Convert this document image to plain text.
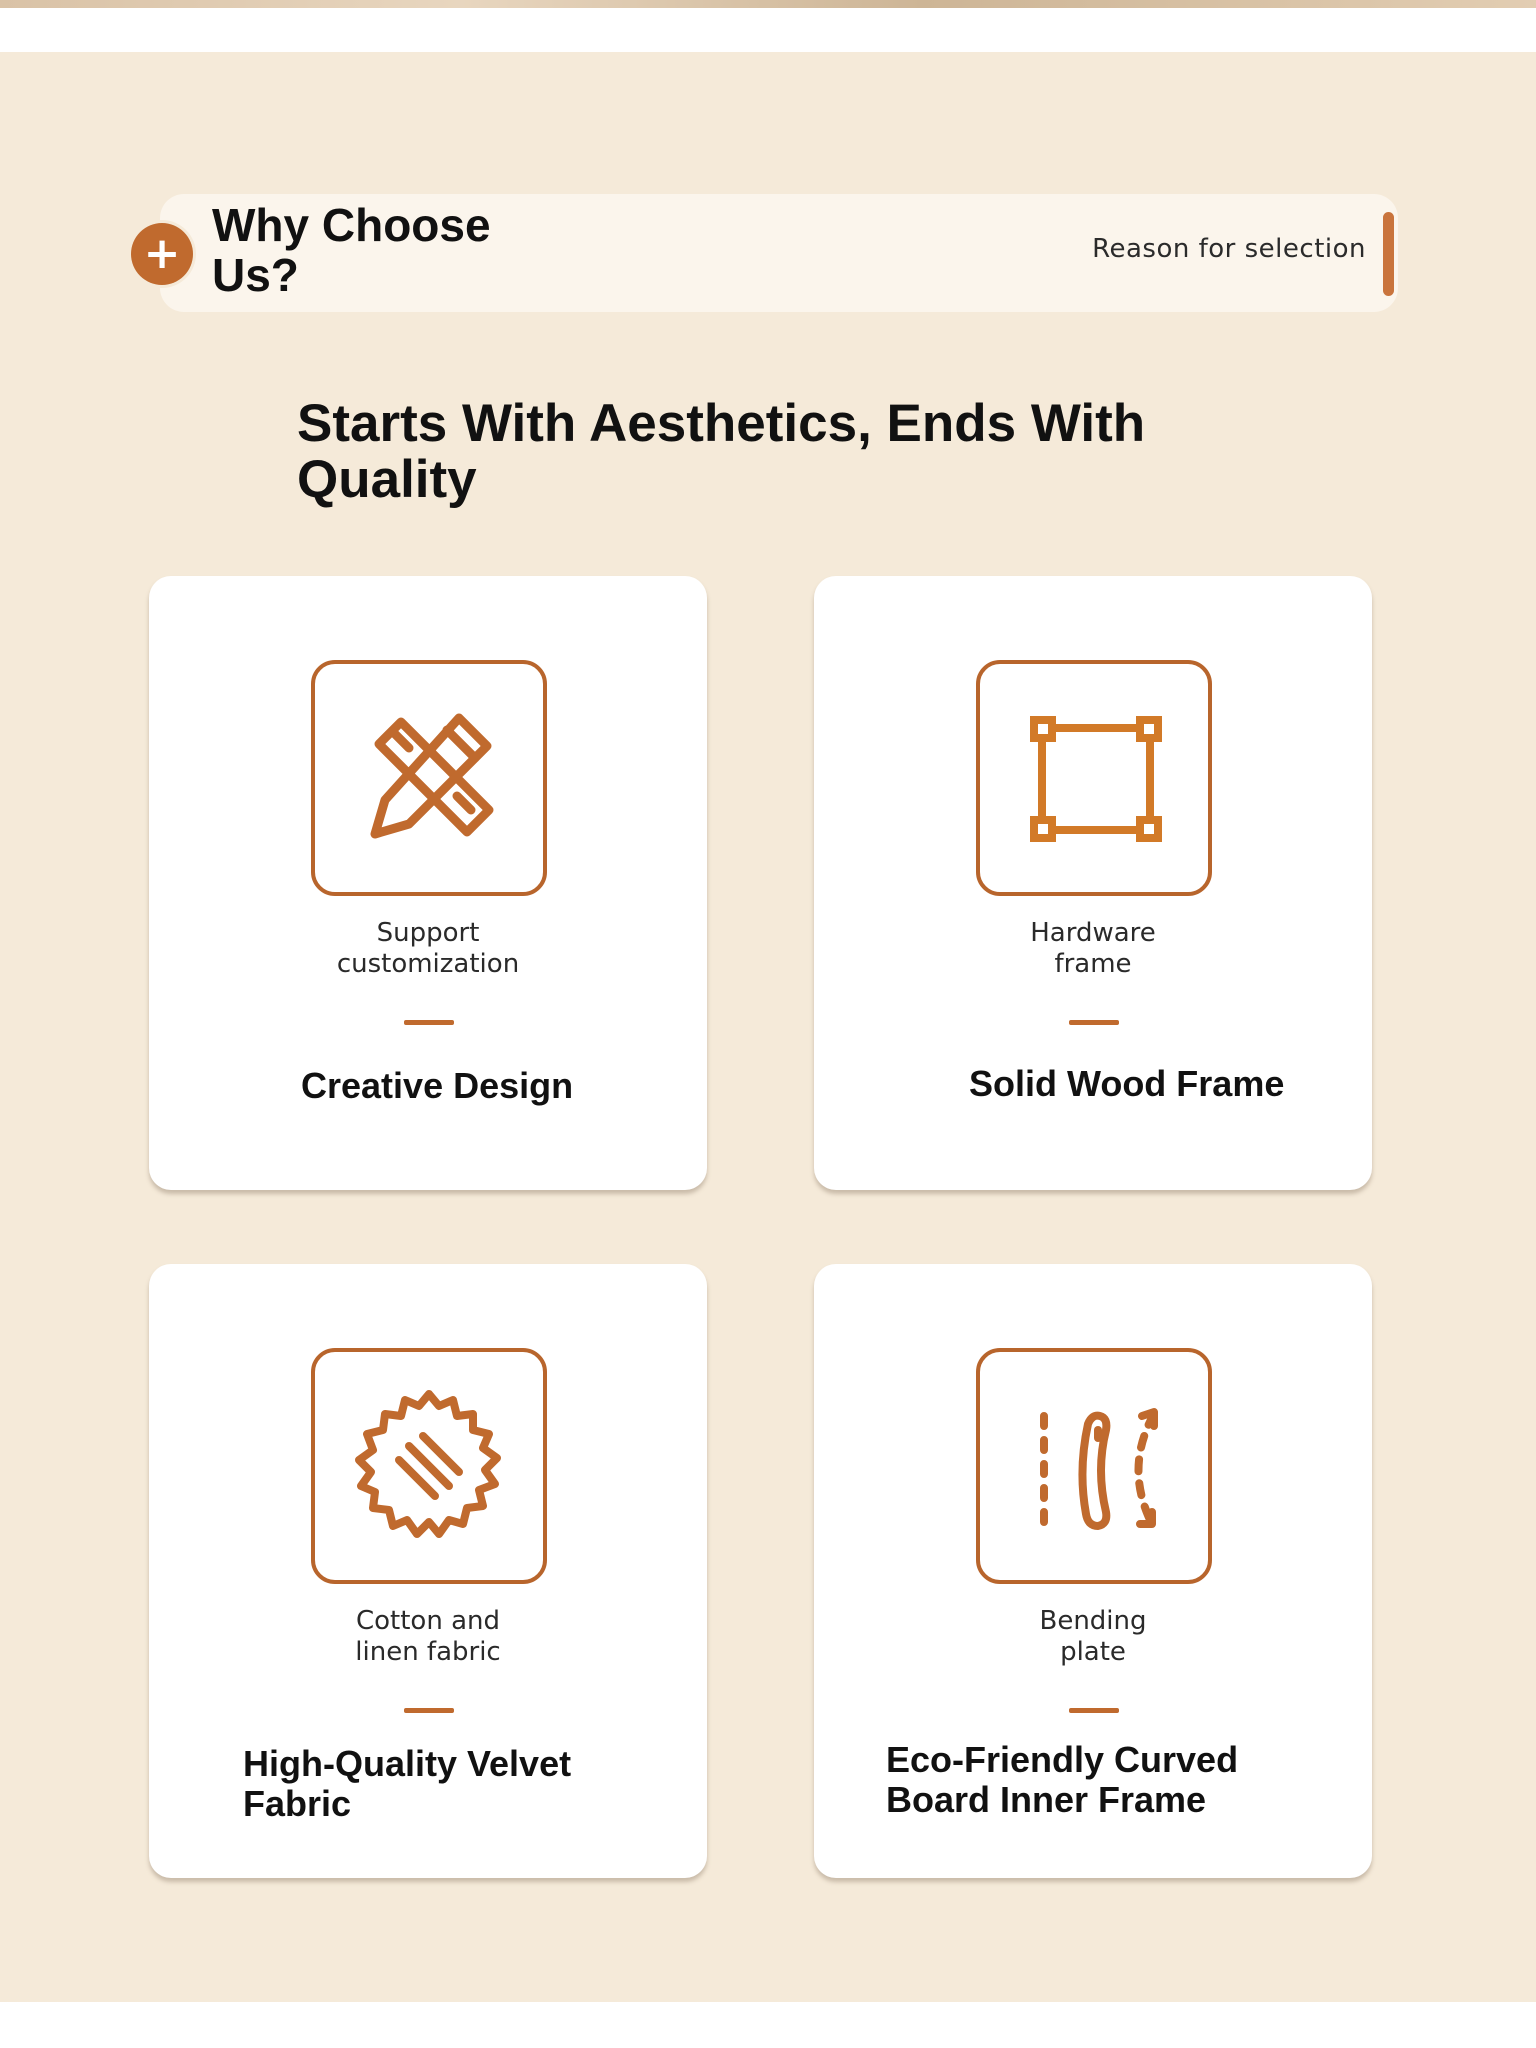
+
Why Choose Us?	Reason for selection
Starts With Aesthetics, Ends With Quality
Support
customization
Creative Design
Hardware
frame
Solid Wood Frame
Cotton and
linen fabric
High-Quality Velvet
Fabric
Bending
plate
Eco-Friendly Curved
Board Inner Frame
